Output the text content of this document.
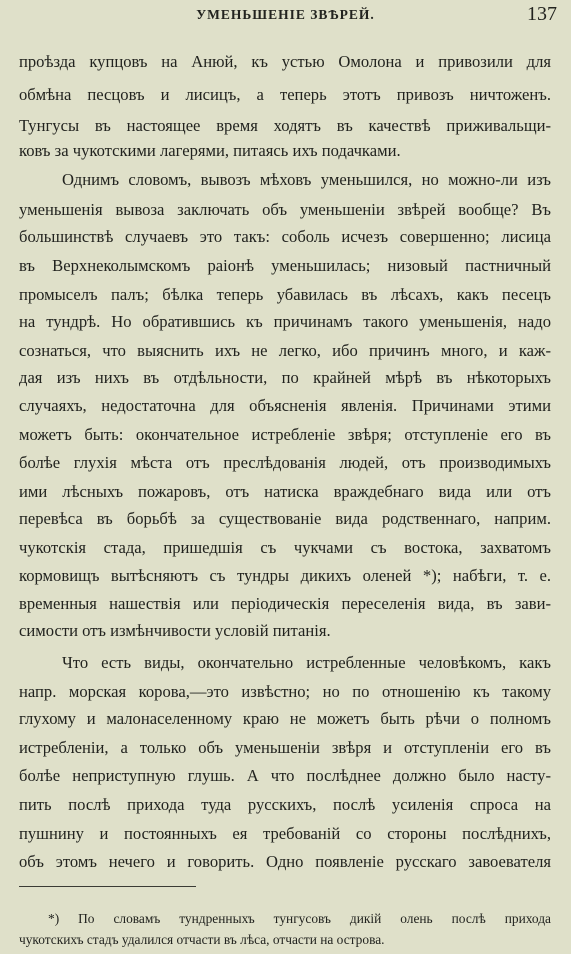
УМЕНЬШЕНІЕ ЗВѢРЕЙ.	137
проѣзда купцовъ на Анюй, къ устью Омолона и привозили для
обмѣна песцовъ и лисицъ, а теперь этотъ привозъ ничтоженъ.
Тунгусы въ настоящее время ходятъ въ качествѣ приживальщи-
ковъ за чукотскими лагерями, питаясь ихъ подачками.
Однимъ словомъ, вывозъ мѣховъ уменьшился, но можно-ли изъ
уменьшенія вывоза заключать объ уменьшеніи звѣрей вообще? Въ
большинствѣ случаевъ это такъ: соболь исчезъ совершенно; лисица
въ Верхнеколымскомъ раіонѣ уменьшилась; низовый пастничный
промыселъ палъ; бѣлка теперь убавилась въ лѣсахъ, какъ песецъ
на тундрѣ. Но обратившись къ причинамъ такого уменьшенія, надо
сознаться, что выяснить ихъ не легко, ибо причинъ много, и каж-
дая изъ нихъ въ отдѣльности, по крайней мѣрѣ въ нѣкоторыхъ
случаяхъ, недостаточна для объясненія явленія. Причинами этими
можетъ быть: окончательное истребленіе звѣря; отступленіе его въ
болѣе глухія мѣста отъ преслѣдованія людей, отъ производимыхъ
ими лѣсныхъ пожаровъ, отъ натиска враждебнаго вида или отъ
перевѣса въ борьбѣ за существованіе вида родственнаго, наприм.
чукотскія стада, пришедшія съ чукчами съ востока, захватомъ
кормовищъ вытѣсняютъ съ тундры дикихъ оленей *); набѣги, т. е.
временныя нашествія или періодическія переселенія вида, въ зави-
симости отъ измѣнчивости условій питанія.
Что есть виды, окончательно истребленные человѣкомъ, какъ
напр. морская корова,—это извѣстно; но по отношенію къ такому
глухому и малонаселенному краю не можетъ быть рѣчи о полномъ
истребленіи, а только объ уменьшеніи звѣря и отступленіи его въ
болѣе неприступную глушь. А что послѣднее должно было насту-
пить послѣ прихода туда русскихъ, послѣ усиленія спроса на
пушнину и постоянныхъ ея требованій со стороны послѣднихъ,
объ этомъ нечего и говорить. Одно появленіе русскаго завоевателя
*) По словамъ тундренныхъ тунгусовъ дикій олень послѣ прихода
чукотскихъ стадъ удалился отчасти въ лѣса, отчасти на острова.
